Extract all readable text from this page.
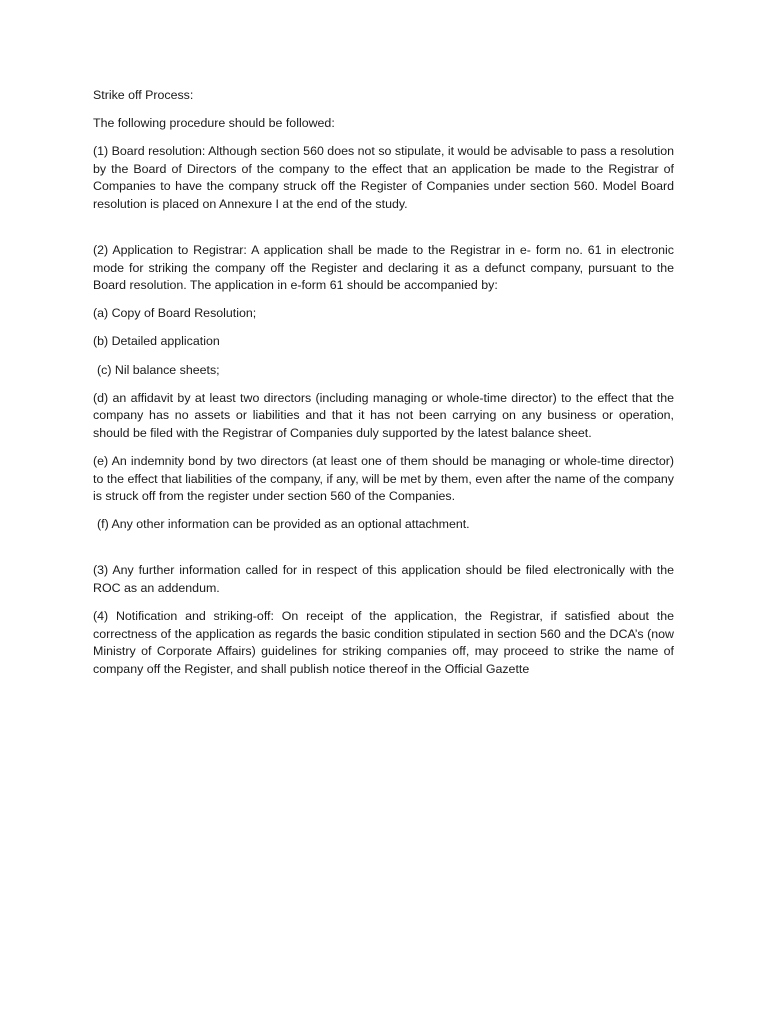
Strike off Process:

The following procedure should be followed:

(1) Board resolution: Although section 560 does not so stipulate, it would be advisable to pass a resolution by the Board of Directors of the company to the effect that an application be made to the Registrar of Companies to have the company struck off the Register of Companies under section 560. Model Board resolution is placed on Annexure I at the end of the study.

(2) Application to Registrar: A application shall be made to the Registrar in e- form no. 61 in electronic mode for striking the company off the Register and declaring it as a defunct company, pursuant to the Board resolution. The application in e-form 61 should be accompanied by:

(a) Copy of Board Resolution;

(b) Detailed application

(c) Nil balance sheets;

(d) an affidavit by at least two directors (including managing or whole-time director) to the effect that the company has no assets or liabilities and that it has not been carrying on any business or operation, should be filed with the Registrar of Companies duly supported by the latest balance sheet.

(e) An indemnity bond by two directors (at least one of them should be managing or whole-time director) to the effect that liabilities of the company, if any, will be met by them, even after the name of the company is struck off from the register under section 560 of the Companies.

(f) Any other information can be provided as an optional attachment.

(3) Any further information called for in respect of this application should be filed electronically with the ROC as an addendum.

(4) Notification and striking-off: On receipt of the application, the Registrar, if satisfied about the correctness of the application as regards the basic condition stipulated in section 560 and the DCA’s (now Ministry of Corporate Affairs) guidelines for striking companies off, may proceed to strike the name of company off the Register, and shall publish notice thereof in the Official Gazette
